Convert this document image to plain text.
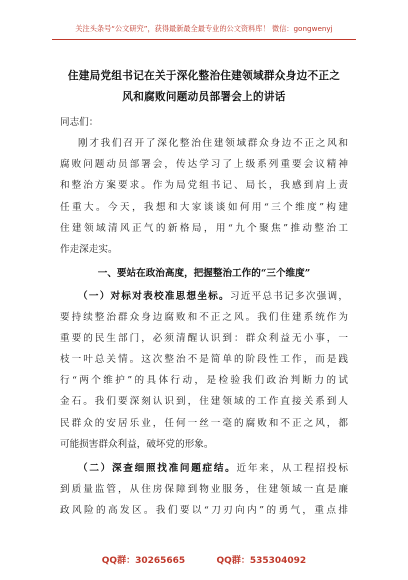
关注头条号“公文研究”，获得最新最全最专业的公文资料库！ 微信：gongwenyj
住建局党组书记在关于深化整治住建领域群众身边不正之
风和腐败问题动员部署会上的讲话
同志们：
刚才我们召开了深化整治住建领域群众身边不正之风和
腐败问题动员部署会，传达学习了上级系列重要会议精神
和整治方案要求。作为局党组书记、局长，我感到肩上责
任重大。今天，我想和大家谈谈如何用“三个维度”构建
住建领域清风正气的新格局，用“九个聚焦”推动整治工
作走深走实。
一、要站在政治高度，把握整治工作的“三个维度”
（一）对标对表校准思想坐标。习近平总书记多次强调，
要持续整治群众身边腐败和不正之风。我们住建系统作为
重要的民生部门，必须清醒认识到：群众利益无小事，一
枝一叶总关情。这次整治不是简单的阶段性工作，而是践
行“两个维护”的具体行动，是检验我们政治判断力的试
金石。我们要深刻认识到，住建领域的工作直接关系到人
民群众的安居乐业，任何一丝一毫的腐败和不正之风，都
可能损害群众利益，破坏党的形象。
（二）深查细照找准问题症结。近年来，从工程招投标
到质量监管，从住房保障到物业服务，住建领域一直是廉
政风险的高发区。我们要以“刀刃向内”的勇气，重点排
QQ群：30265665	QQ群：535304092
